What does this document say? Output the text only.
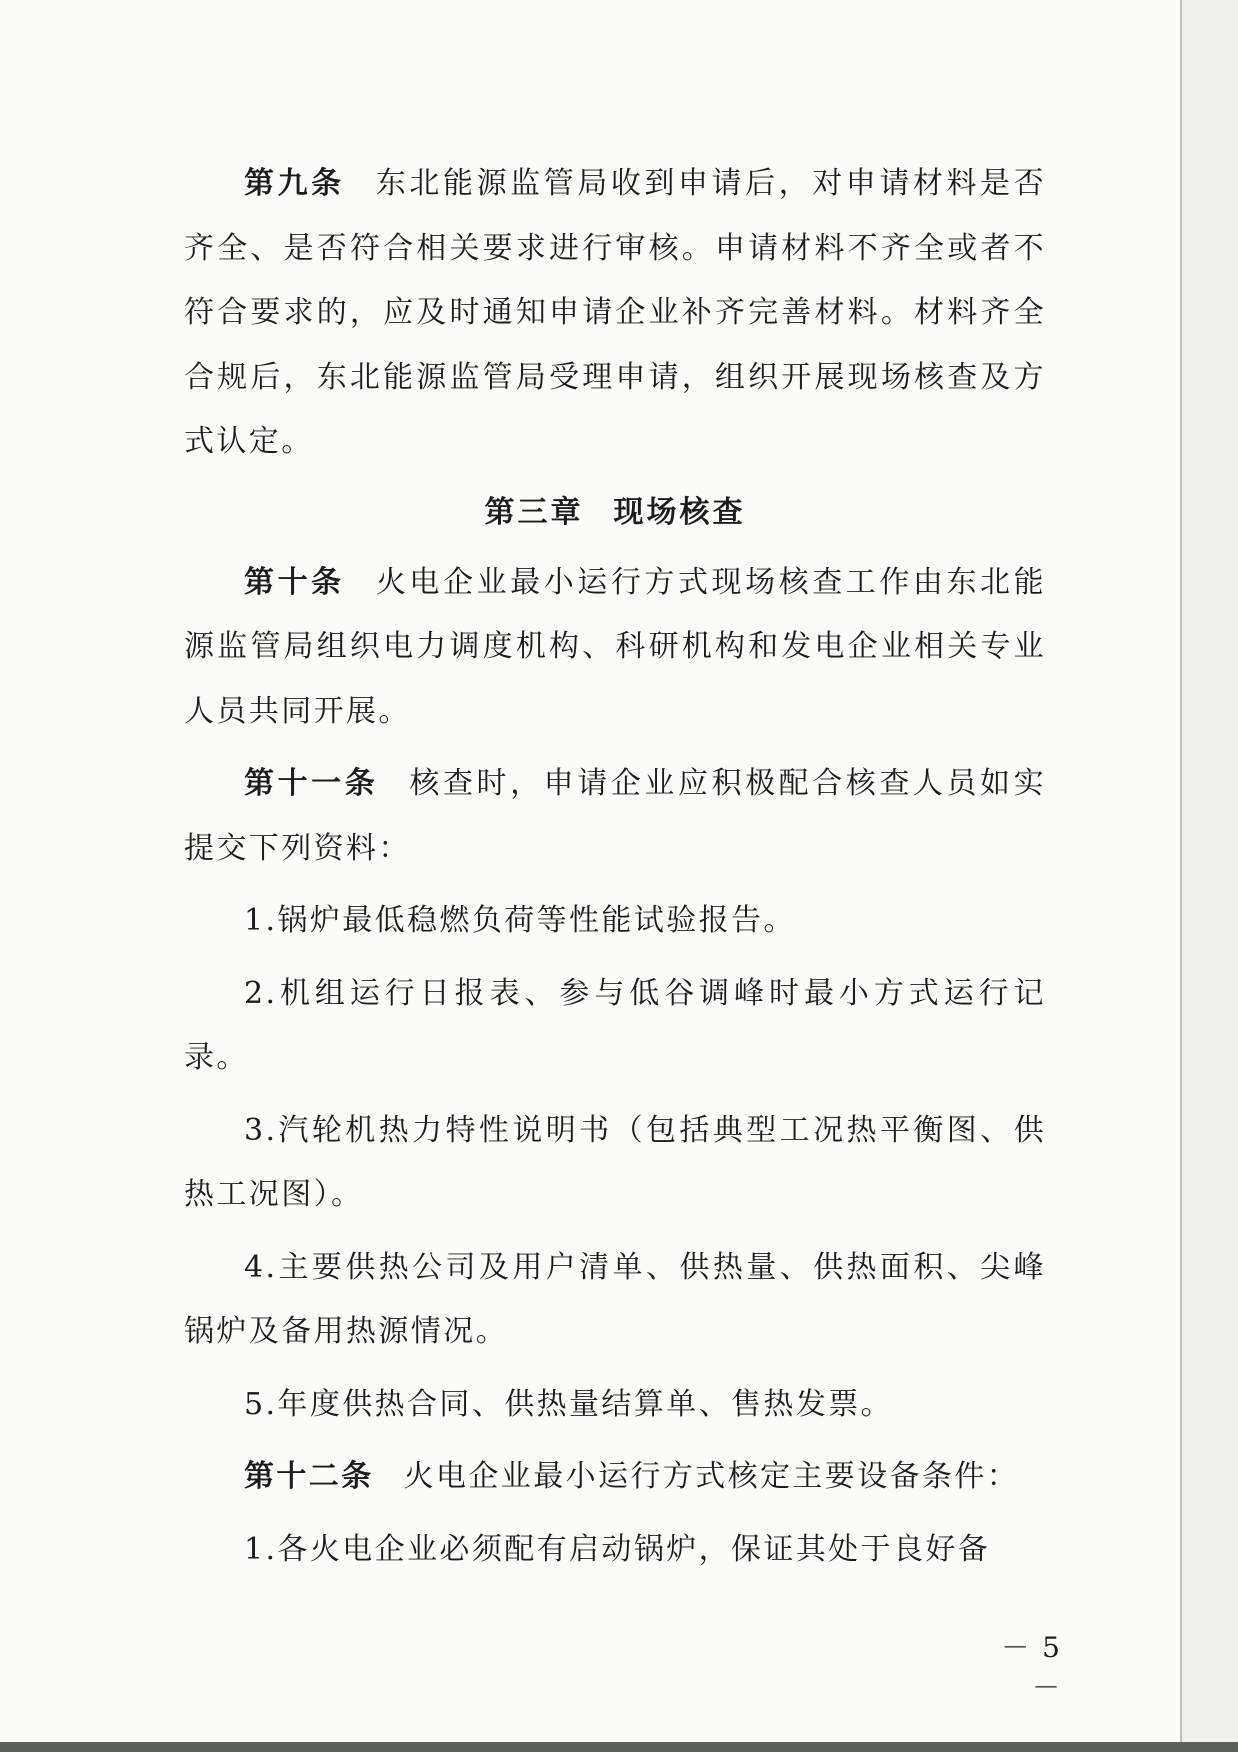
第九条 东北能源监管局收到申请后，对申请材料是否齐全、是否符合相关要求进行审核。申请材料不齐全或者不符合要求的，应及时通知申请企业补齐完善材料。材料齐全合规后，东北能源监管局受理申请，组织开展现场核查及方式认定。

第三章 现场核查

第十条 火电企业最小运行方式现场核查工作由东北能源监管局组织电力调度机构、科研机构和发电企业相关专业人员共同开展。

第十一条 核查时，申请企业应积极配合核查人员如实提交下列资料：

1.锅炉最低稳燃负荷等性能试验报告。

2.机组运行日报表、参与低谷调峰时最小方式运行记录。

3.汽轮机热力特性说明书（包括典型工况热平衡图、供热工况图）。

4.主要供热公司及用户清单、供热量、供热面积、尖峰锅炉及备用热源情况。

5.年度供热合同、供热量结算单、售热发票。

第十二条 火电企业最小运行方式核定主要设备条件：

1.各火电企业必须配有启动锅炉，保证其处于良好备

－ 5 －
